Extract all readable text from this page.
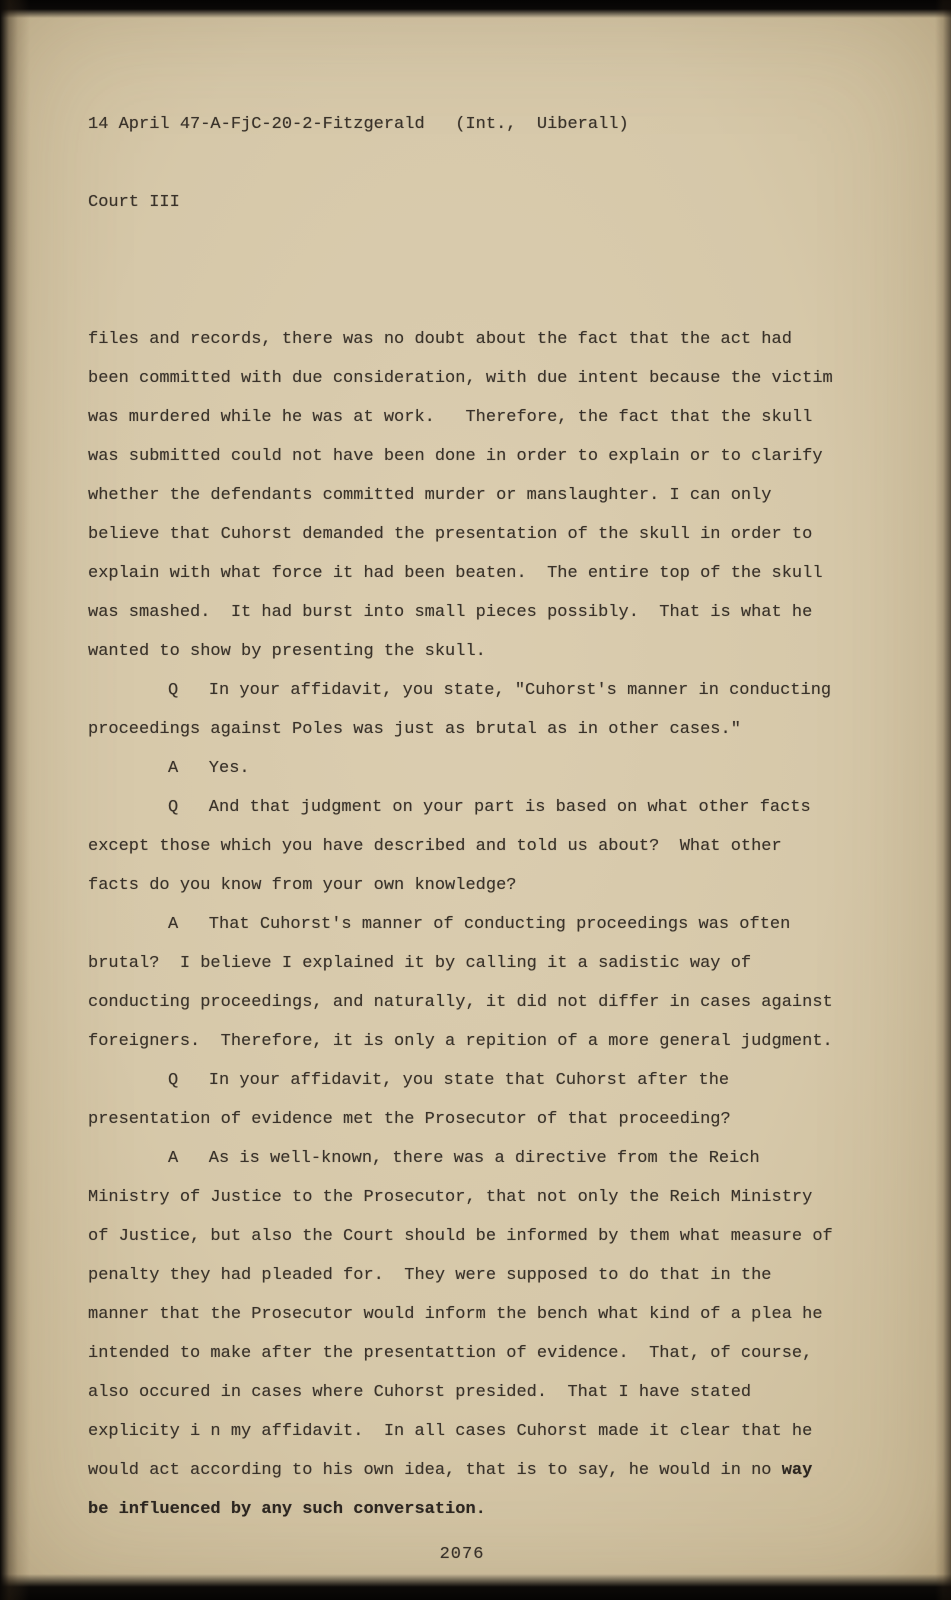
14 April 47-A-FjC-20-2-Fitzgerald   (Int.,  Uiberall)

Court III

files and records, there was no doubt about the fact that the act had been committed with due consideration, with due intent because the victim was murdered while he was at work.   Therefore, the fact that the skull was submitted could not have been done in order to explain or to clarify whether the defendants committed murder or manslaughter. I can only believe that Cuhorst demanded the presentation of the skull in order to explain with what force it had been beaten.  The entire top of the skull was smashed.  It had burst into small pieces possibly.  That is what he wanted to show by presenting the skull.

Q   In your affidavit, you state, "Cuhorst's manner in conducting proceedings against Poles was just as brutal as in other cases."

A   Yes.

Q   And that judgment on your part is based on what other facts except those which you have described and told us about?  What other facts do you know from your own knowledge?

A   That Cuhorst's manner of conducting proceedings was often brutal?  I believe I explained it by calling it a sadistic way of conducting proceedings, and naturally, it did not differ in cases against foreigners.  Therefore, it is only a repition of a more general judgment.

Q   In your affidavit, you state that Cuhorst after the presentation of evidence met the Prosecutor of that proceeding?

A   As is well-known, there was a directive from the Reich Ministry of Justice to the Prosecutor, that not only the Reich Ministry of Justice, but also the Court should be informed by them what measure of penalty they had pleaded for.  They were supposed to do that in the manner that the Prosecutor would inform the bench what kind of a plea he intended to make after the presentattion of evidence.  That, of course, also occured in cases where Cuhorst presided.  That I have stated explicity i n my affidavit.  In all cases Cuhorst made it clear that he would act according to his own idea, that is to say, he would in no way be influenced by any such conversation.

2076
